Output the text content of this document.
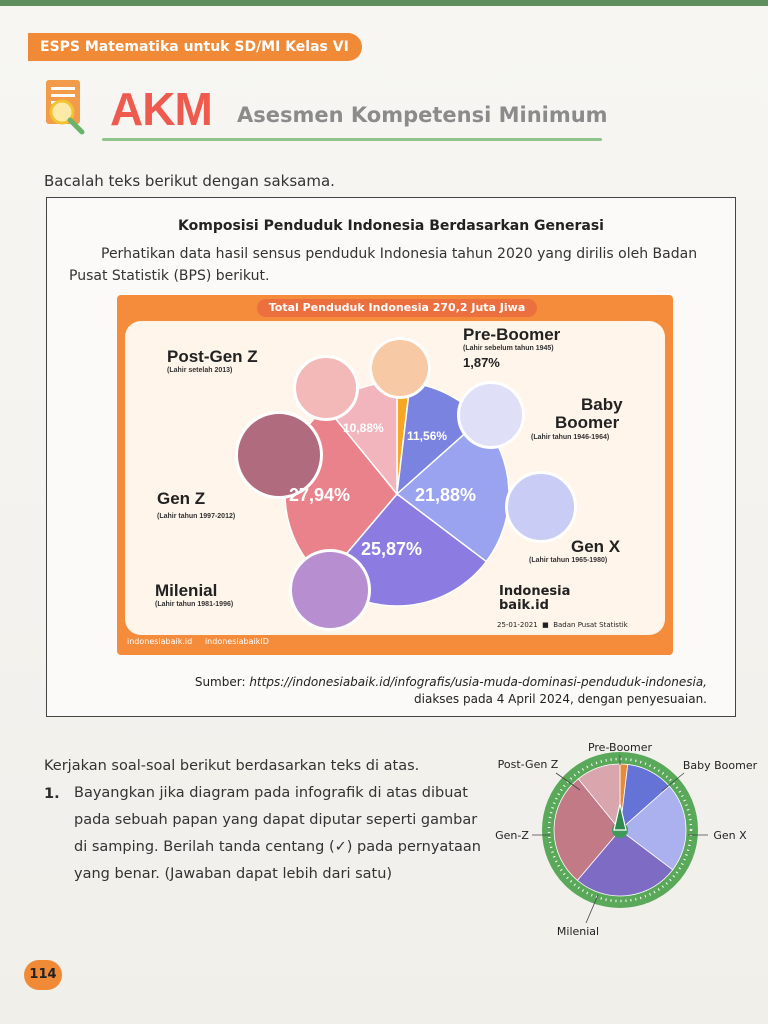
ESPS Matematika untuk SD/MI Kelas VI
AKM Asesmen Kompetensi Minimum
Bacalah teks berikut dengan saksama.
Komposisi Penduduk Indonesia Berdasarkan Generasi
Perhatikan data hasil sensus penduduk Indonesia tahun 2020 yang dirilis oleh Badan Pusat Statistik (BPS) berikut.
Total Penduduk Indonesia 270,2 Juta Jiwa
Post-Gen Z
(Lahir setelah 2013)
Pre-Boomer
(Lahir sebelum tahun 1945)
1,87%
Baby
Boomer
(Lahir tahun 1946-1964)
Gen Z
(Lahir tahun 1997-2012)
Gen X
(Lahir tahun 1965-1980)
Milenial
(Lahir tahun 1981-1996)
10,88%
11,56%
27,94%	21,88%
25,87%
Indonesia
baik.id
25-01-2021  ■  Badan Pusat Statistik
indonesiabaik.id indonesiabaikID
Sumber: https://indonesiabaik.id/infografis/usia-muda-dominasi-penduduk-indonesia,
diakses pada 4 April 2024, dengan penyesuaian.
Kerjakan soal-soal berikut berdasarkan teks di atas.
1. Bayangkan jika diagram pada infografik di atas dibuat pada sebuah papan yang dapat diputar seperti gambar di samping. Berilah tanda centang (✓) pada pernyataan yang benar. (Jawaban dapat lebih dari satu)
Pre-Boomer
Post-Gen Z	Baby Boomer
Gen-Z	Gen X
Milenial
114
